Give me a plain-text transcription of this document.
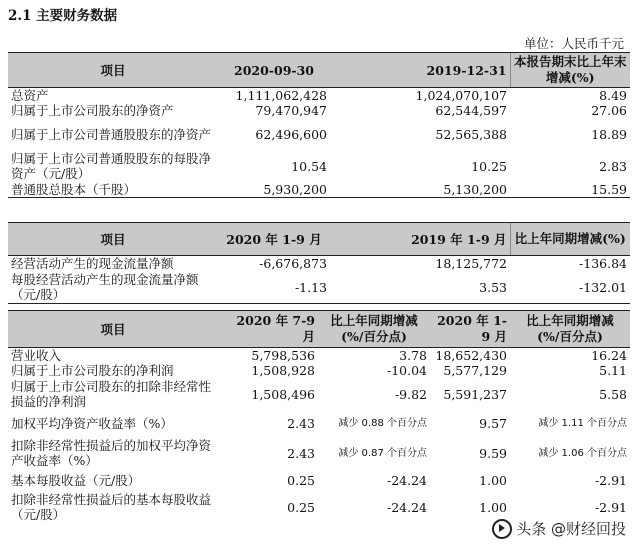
2.1 主要财务数据
单位：人民币千元
项目	2020-09-30	2019-12-31	本报告期末比上年末增减(%)
总资产	1,111,062,428	1,024,070,107	8.49
归属于上市公司股东的净资产	79,470,947	62,544,597	27.06
归属于上市公司普通股股东的净资产	62,496,600	52,565,388	18.89
归属于上市公司普通股股东的每股净资产（元/股）	10.54	10.25	2.83
普通股总股本（千股）	5,930,200	5,130,200	15.59
项目	2020 年 1-9 月	2019 年 1-9 月	比上年同期增减(%)
经营活动产生的现金流量净额	-6,676,873	18,125,772	-136.84
每股经营活动产生的现金流量净额（元/股）	-1.13	3.53	-132.01
项目	2020 年 7-9 月	比上年同期增减(%/百分点)	2020 年 1-9 月	比上年同期增减 (%/百分点)
营业收入	5,798,536	3.78	18,652,430	16.24
归属于上市公司股东的净利润	1,508,928	-10.04	5,577,129	5.11
归属于上市公司股东的扣除非经常性损益的净利润	1,508,496	-9.82	5,591,237	5.58
加权平均净资产收益率（%）	2.43	减少 0.88 个百分点	9.57	减少 1.11 个百分点
扣除非经常性损益后的加权平均净资产收益率（%）	2.43	减少 0.87 个百分点	9.59	减少 1.06 个百分点
基本每股收益（元/股）	0.25	-24.24	1.00	-2.91
扣除非经常性损益后的基本每股收益（元/股）	0.25	-24.24	1.00	-2.91
头条 @财经回投
